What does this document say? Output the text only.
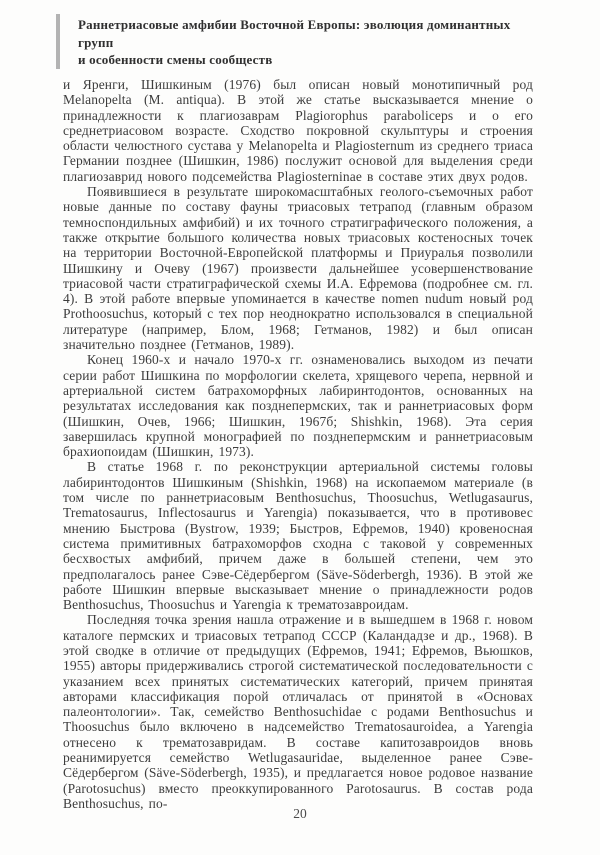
Раннетриасовые амфибии Восточной Европы: эволюция доминантных групп
и особенности смены сообществ

и Яренги, Шишкиным (1976) был описан новый монотипичный род Melanopelta (M. antiqua). В этой же статье высказывается мнение о принадлежности к плагиозаврам Plagiorophus paraboliceps и о его среднетриасовом возрасте. Сходство покровной скульптуры и строения области челюстного сустава у Melanopelta и Plagiosternum из среднего триаса Германии позднее (Шишкин, 1986) послужит основой для выделения среди плагиозаврид нового подсемейства Plagiosterninae в составе этих двух родов.

Появившиеся в результате широкомасштабных геолого-съемочных работ новые данные по составу фауны триасовых тетрапод (главным образом темноспондильных амфибий) и их точного стратиграфического положения, а также открытие большого количества новых триасовых костеносных точек на территории Восточной-Европейской платформы и Приуралья позволили Шишкину и Очеву (1967) произвести дальнейшее усовершенствование триасовой части стратиграфической схемы И.А. Ефремова (подробнее см. гл. 4). В этой работе впервые упоминается в качестве nomen nudum новый род Prothoosuchus, который с тех пор неоднократно использовался в специальной литературе (например, Блом, 1968; Гетманов, 1982) и был описан значительно позднее (Гетманов, 1989).

Конец 1960-х и начало 1970-х гг. ознаменовались выходом из печати серии работ Шишкина по морфологии скелета, хрящевого черепа, нервной и артериальной систем батрахоморфных лабиринтодонтов, основанных на результатах исследования как позднепермских, так и раннетриасовых форм (Шишкин, Очев, 1966; Шишкин, 1967б; Shishkin, 1968). Эта серия завершилась крупной монографией по позднепермским и раннетриасовым брахиопоидам (Шишкин, 1973).

В статье 1968 г. по реконструкции артериальной системы головы лабиринтодонтов Шишкиным (Shishkin, 1968) на ископаемом материале (в том числе по раннетриасовым Benthosuchus, Thoosuchus, Wetlugasaurus, Trematosaurus, Inflectosaurus и Yarengia) показывается, что в противовес мнению Быстрова (Bystrow, 1939; Быстров, Ефремов, 1940) кровеносная система примитивных батрахоморфов сходна с таковой у современных бесхвостых амфибий, причем даже в большей степени, чем это предполагалось ранее Сэве-Сёдербергом (Säve-Söderbergh, 1936). В этой же работе Шишкин впервые высказывает мнение о принадлежности родов Benthosuchus, Thoosuchus и Yarengia к трематозавроидам.

Последняя точка зрения нашла отражение и в вышедшем в 1968 г. новом каталоге пермских и триасовых тетрапод СССР (Каландадзе и др., 1968). В этой сводке в отличие от предыдущих (Ефремов, 1941; Ефремов, Вьюшков, 1955) авторы придерживались строгой систематической последовательности с указанием всех принятых систематических категорий, причем принятая авторами классификация порой отличалась от принятой в «Основах палеонтологии». Так, семейство Benthosuchidae с родами Benthosuchus и Thoosuchus было включено в надсемейство Trematosauroidea, а Yarengia отнесено к трематозавридам. В составе капитозавроидов вновь реанимируется семейство Wetlugasauridae, выделенное ранее Сэве-Сёдербергом (Säve-Söderbergh, 1935), и предлагается новое родовое название (Parotosuchus) вместо преоккупированного Parotosaurus. В состав рода Benthosuchus, по-

20
